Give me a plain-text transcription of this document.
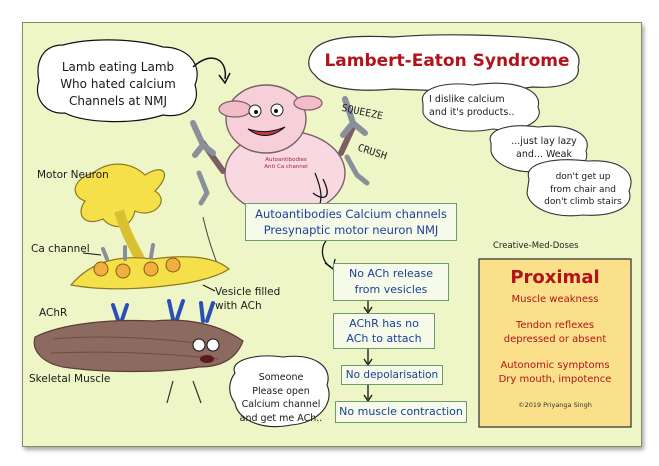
Lambert-Eaton Syndrome
Lamb eating Lamb
Who hated calcium
Channels at NMJ
Autoantibodies
Anti Ca channel
SQUEEZE
CRUSH
I dislike calcium
and it's products..
...just lay lazy
and... Weak
don't get up
from chair and
don't climb stairs
Motor Neuron
Ca channel
Vesicle filled
with ACh
AChR
Skeletal Muscle	Someone
Please open
Calcium channel
and get me ACh..
Autoantibodies Calcium channels
Presynaptic motor neuron NMJ
No ACh release
from vesicles
AChR has no
ACh to attach
No depolarisation
No muscle contraction
Creative-Med-Doses
Proximal
Muscle weakness
Tendon reflexes
depressed or absent
Autonomic symptoms
Dry mouth, impotence
©2019 Priyanga Singh
